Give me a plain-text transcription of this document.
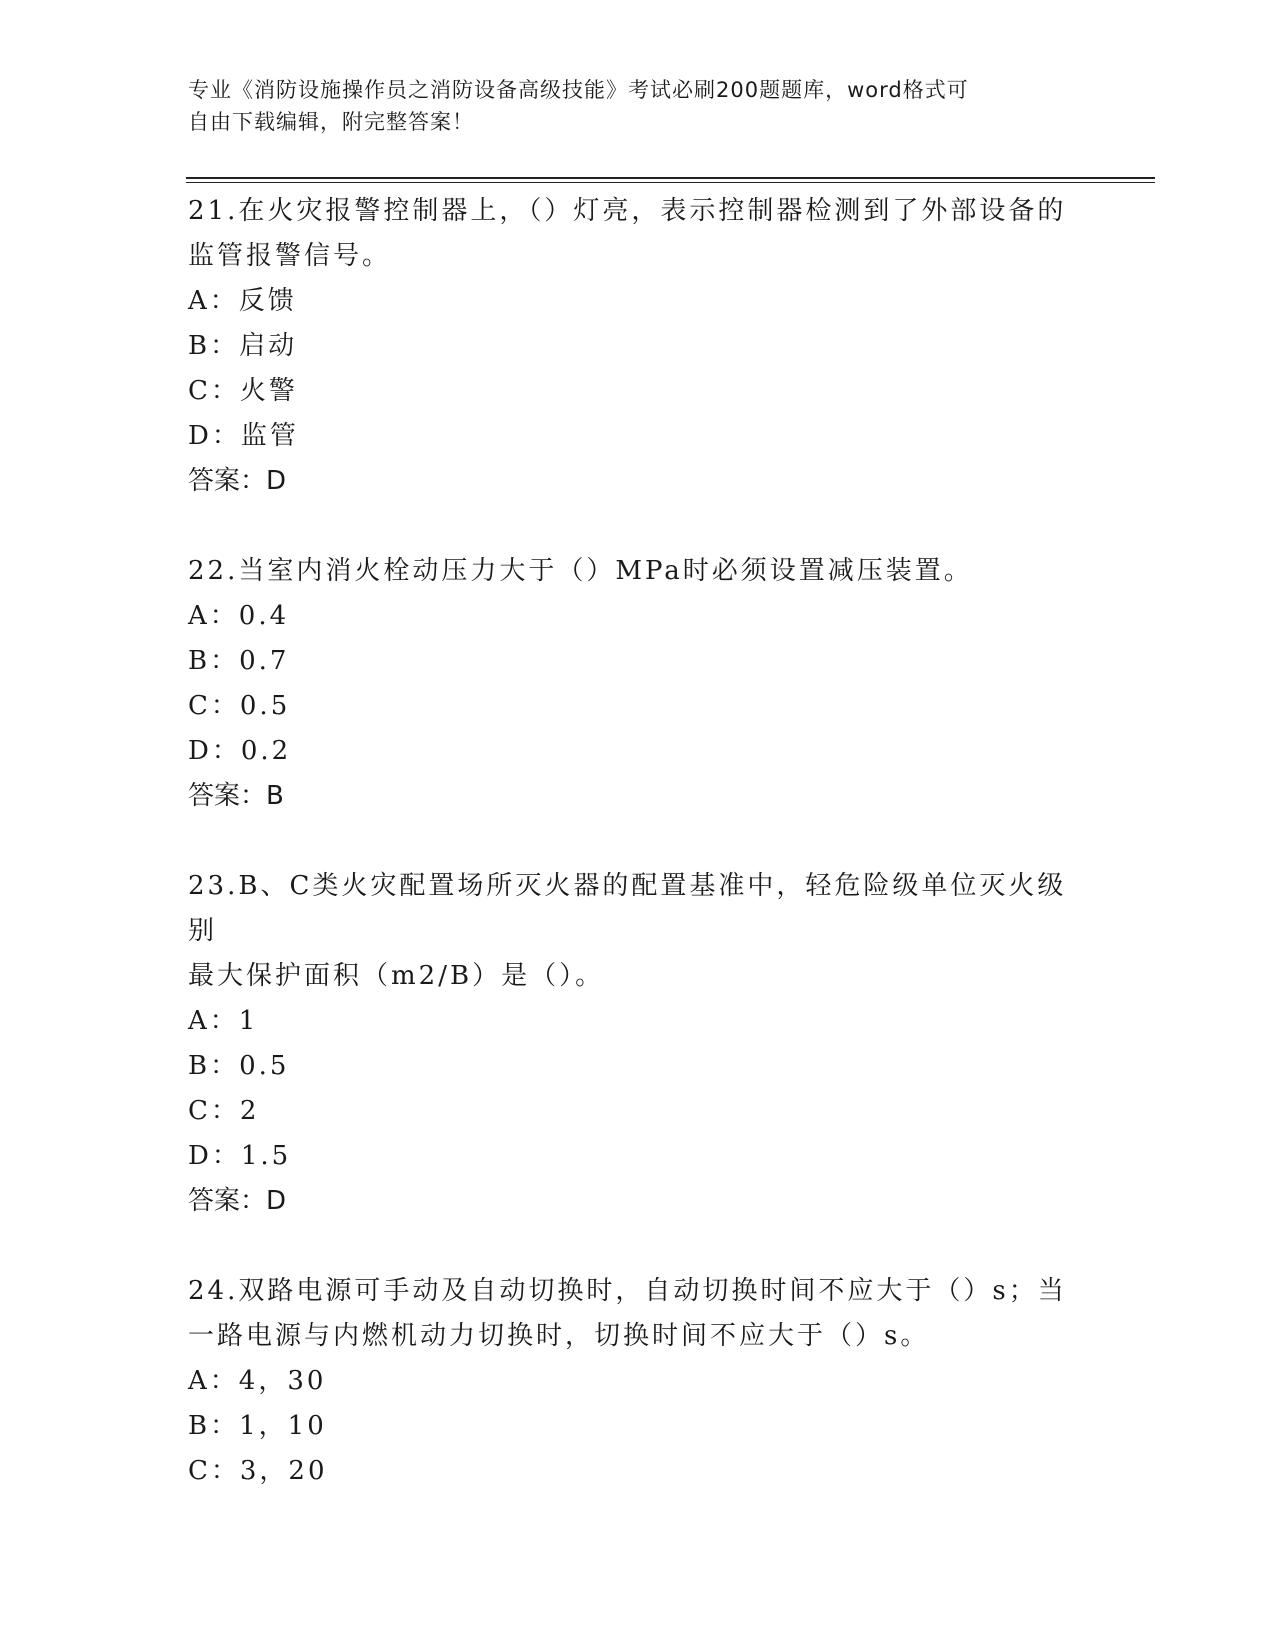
专业《消防设施操作员之消防设备高级技能》考试必刷200题题库，word格式可
自由下载编辑，附完整答案！

21.在火灾报警控制器上，（）灯亮，表示控制器检测到了外部设备的

监管报警信号。

A：反馈

B：启动

C：火警

D：监管

答案：D

22.当室内消火栓动压力大于（）MPa时必须设置减压装置。

A：0.4

B：0.7

C：0.5

D：0.2

答案：B

23.B、C类火灾配置场所灭火器的配置基准中，轻危险级单位灭火级别

最大保护面积（m2/B）是（）。

A：1

B：0.5

C：2

D：1.5

答案：D

24.双路电源可手动及自动切换时，自动切换时间不应大于（）s；当

一路电源与内燃机动力切换时，切换时间不应大于（）s。

A：4，30

B：1，10

C：3，20
